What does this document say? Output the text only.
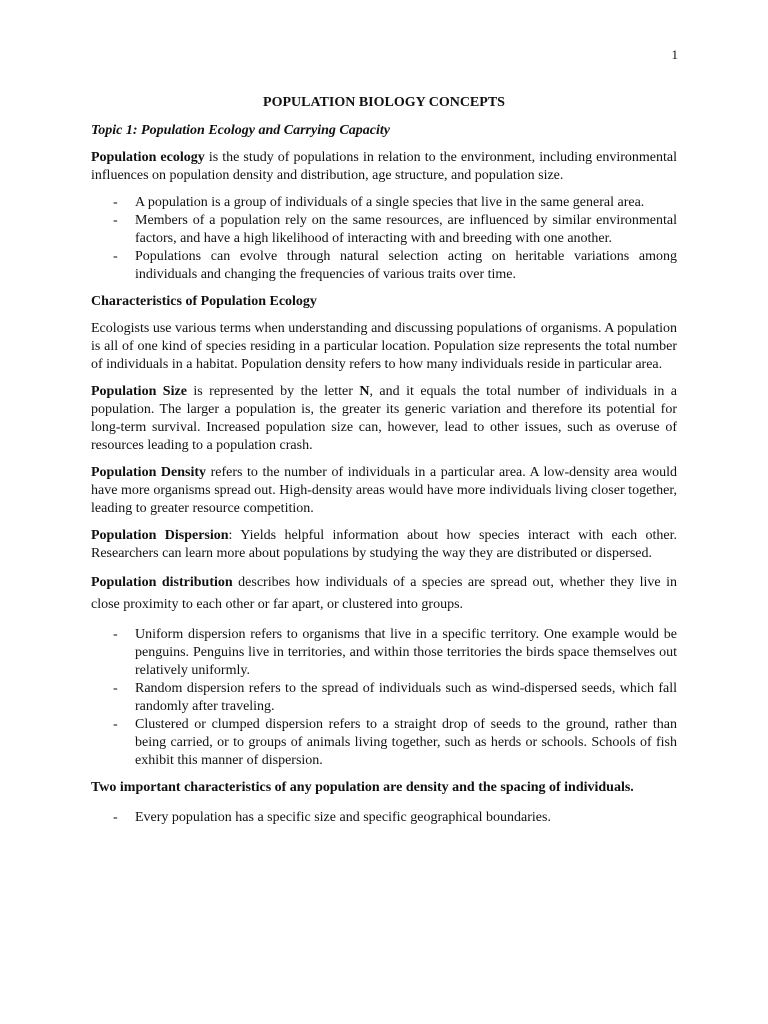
1
POPULATION BIOLOGY CONCEPTS
Topic 1: Population Ecology and Carrying Capacity
Population ecology is the study of populations in relation to the environment, including environmental influences on population density and distribution, age structure, and population size.
- A population is a group of individuals of a single species that live in the same general area.
- Members of a population rely on the same resources, are influenced by similar environmental factors, and have a high likelihood of interacting with and breeding with one another.
- Populations can evolve through natural selection acting on heritable variations among individuals and changing the frequencies of various traits over time.
Characteristics of Population Ecology
Ecologists use various terms when understanding and discussing populations of organisms. A population is all of one kind of species residing in a particular location. Population size represents the total number of individuals in a habitat. Population density refers to how many individuals reside in particular area.
Population Size is represented by the letter N, and it equals the total number of individuals in a population. The larger a population is, the greater its generic variation and therefore its potential for long-term survival. Increased population size can, however, lead to other issues, such as overuse of resources leading to a population crash.
Population Density refers to the number of individuals in a particular area. A low-density area would have more organisms spread out. High-density areas would have more individuals living closer together, leading to greater resource competition.
Population Dispersion: Yields helpful information about how species interact with each other. Researchers can learn more about populations by studying the way they are distributed or dispersed.
Population distribution describes how individuals of a species are spread out, whether they live in close proximity to each other or far apart, or clustered into groups.
- Uniform dispersion refers to organisms that live in a specific territory. One example would be penguins. Penguins live in territories, and within those territories the birds space themselves out relatively uniformly.
- Random dispersion refers to the spread of individuals such as wind-dispersed seeds, which fall randomly after traveling.
- Clustered or clumped dispersion refers to a straight drop of seeds to the ground, rather than being carried, or to groups of animals living together, such as herds or schools. Schools of fish exhibit this manner of dispersion.
Two important characteristics of any population are density and the spacing of individuals.
- Every population has a specific size and specific geographical boundaries.
